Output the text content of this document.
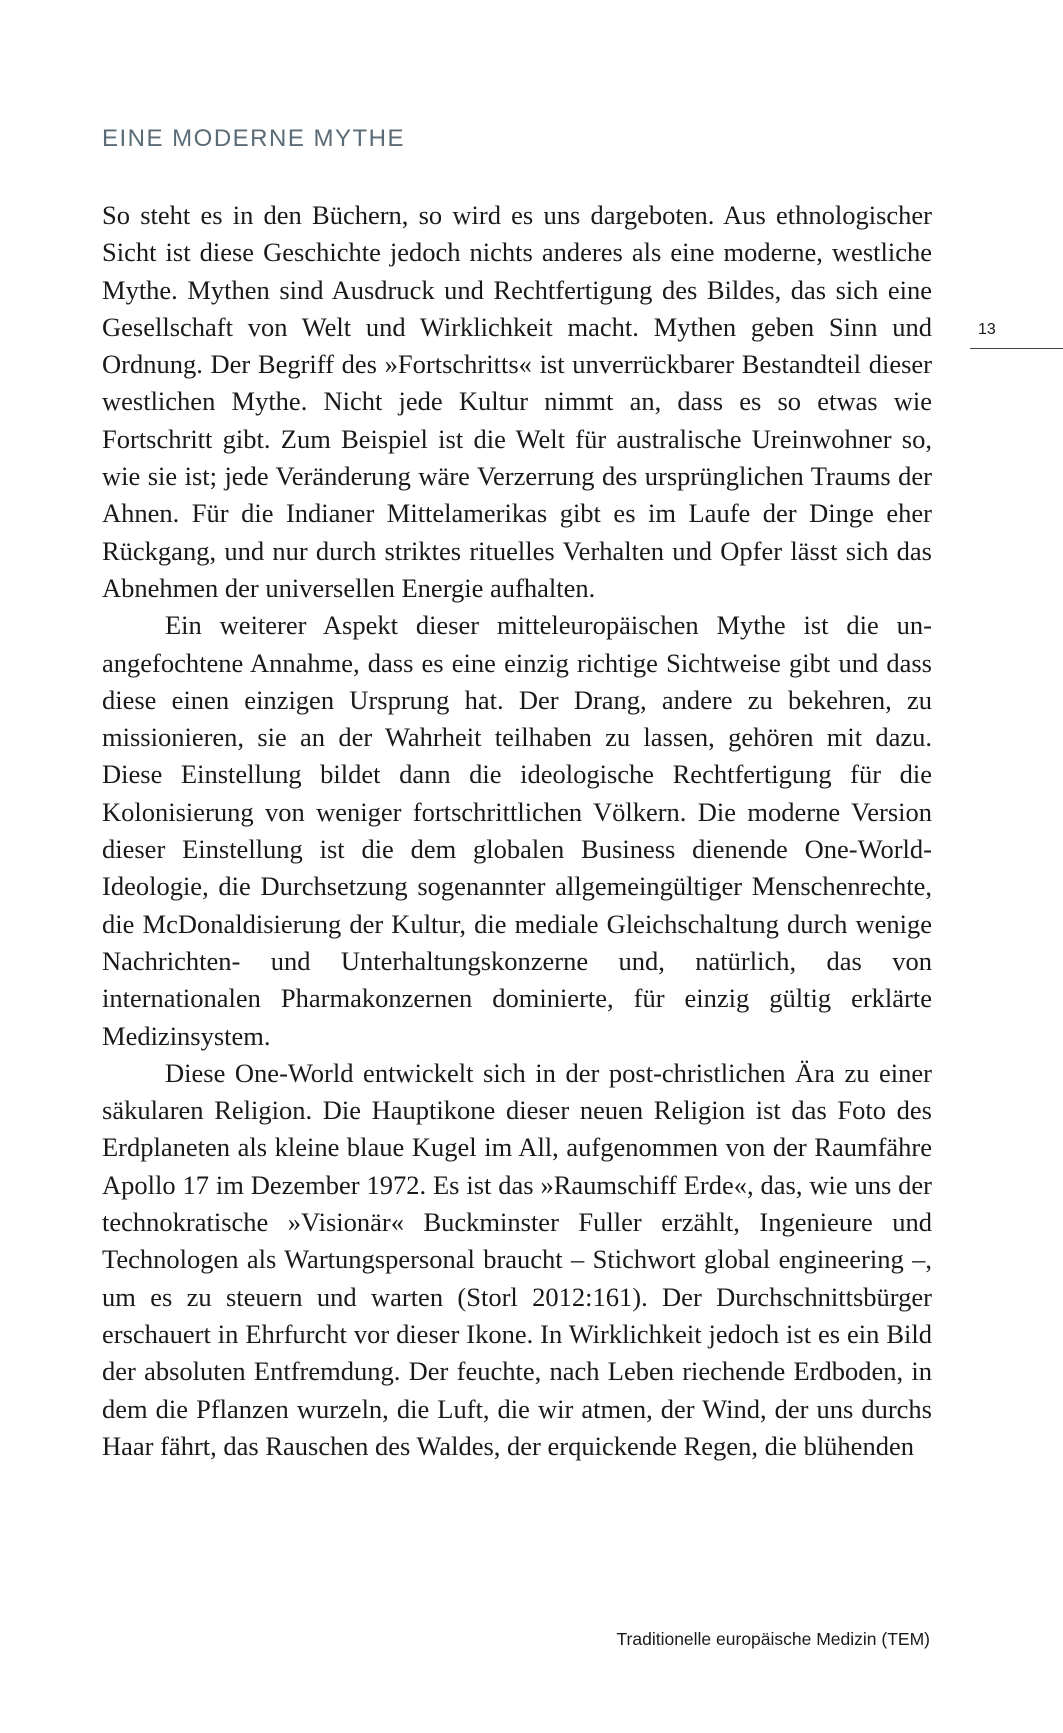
EINE MODERNE MYTHE

So steht es in den Büchern, so wird es uns dargeboten. Aus ethnologischer Sicht ist diese Geschichte jedoch nichts anderes als eine moderne, westliche Mythe. Mythen sind Ausdruck und Rechtfertigung des Bildes, das sich eine Gesellschaft von Welt und Wirklichkeit macht. Mythen geben Sinn und Ordnung. Der Begriff des »Fortschritts« ist unverrückbarer Bestandteil dieser westlichen Mythe. Nicht jede Kultur nimmt an, dass es so etwas wie Fortschritt gibt. Zum Beispiel ist die Welt für australische Ureinwohner so, wie sie ist; jede Veränderung wäre Verzerrung des ursprünglichen Traums der Ahnen. Für die Indianer Mittelamerikas gibt es im Laufe der Dinge eher Rückgang, und nur durch striktes rituelles Verhalten und Opfer lässt sich das Abnehmen der universellen Energie aufhalten.

Ein weiterer Aspekt dieser mitteleuropäischen Mythe ist die unangefochtene Annahme, dass es eine einzig richtige Sichtweise gibt und dass diese einen einzigen Ursprung hat. Der Drang, andere zu bekehren, zu missionieren, sie an der Wahrheit teilhaben zu lassen, gehören mit dazu. Diese Einstellung bildet dann die ideologische Rechtfertigung für die Kolonisierung von weniger fortschrittlichen Völkern. Die moderne Version dieser Einstellung ist die dem globalen Business dienende One-World-Ideologie, die Durchsetzung sogenannter allgemeingültiger Menschenrechte, die McDonaldisierung der Kultur, die mediale Gleichschaltung durch wenige Nachrichten- und Unterhaltungskonzerne und, natürlich, das von internationalen Pharmakonzernen dominierte, für einzig gültig erklärte Medizinsystem.

Diese One-World entwickelt sich in der post-christlichen Ära zu einer säkularen Religion. Die Hauptikone dieser neuen Religion ist das Foto des Erdplaneten als kleine blaue Kugel im All, aufgenommen von der Raumfähre Apollo 17 im Dezember 1972. Es ist das »Raumschiff Erde«, das, wie uns der technokratische »Visionär« Buckminster Fuller erzählt, Ingenieure und Technologen als Wartungspersonal braucht – Stichwort global engineering –, um es zu steuern und warten (Storl 2012:161). Der Durchschnittsbürger erschauert in Ehrfurcht vor dieser Ikone. In Wirklichkeit jedoch ist es ein Bild der absoluten Entfremdung. Der feuchte, nach Leben riechende Erdboden, in dem die Pflanzen wurzeln, die Luft, die wir atmen, der Wind, der uns durchs Haar fährt, das Rauschen des Waldes, der erquickende Regen, die blühenden

13
Traditionelle europäische Medizin (TEM)
